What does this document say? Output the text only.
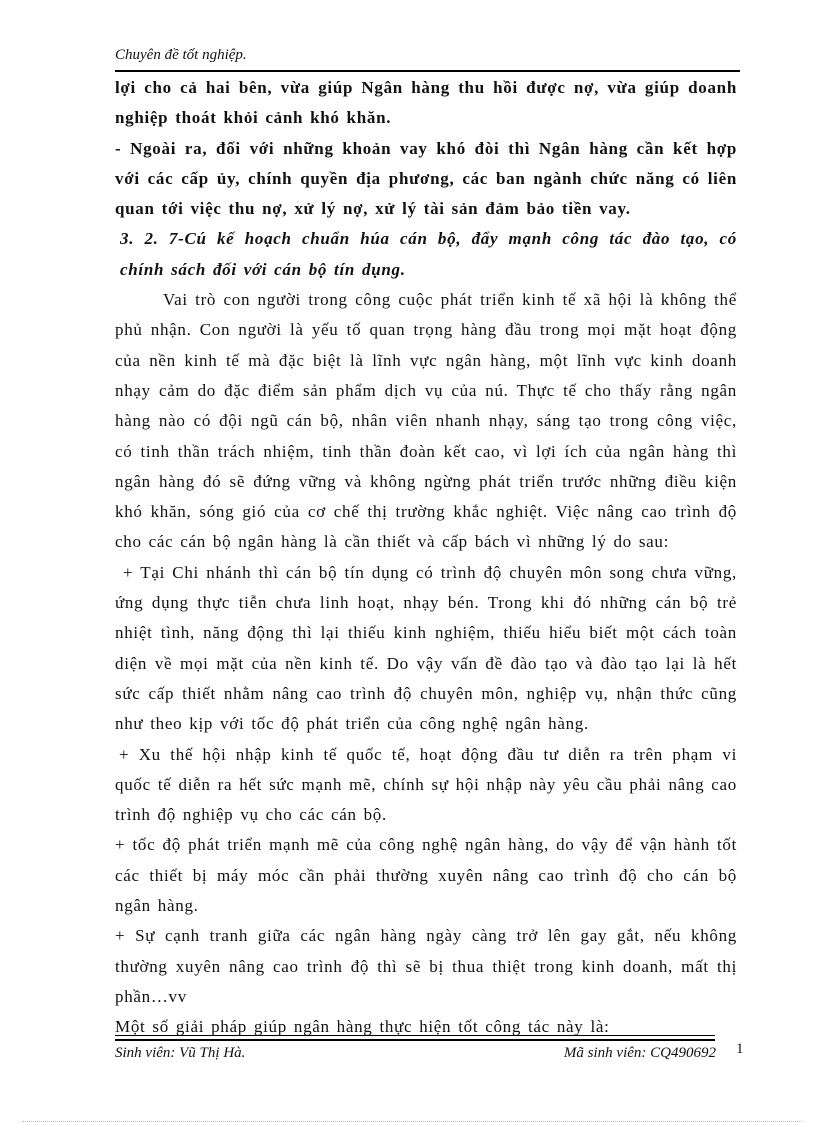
Chuyên đề tốt nghiệp.

lợi cho cả hai bên, vừa giúp Ngân hàng thu hồi được nợ, vừa giúp doanh nghiệp thoát khỏi cảnh khó khăn.

- Ngoài ra, đối với những khoản vay khó đòi thì Ngân hàng cần kết hợp với các cấp ủy, chính quyền địa phương, các ban ngành chức năng có liên quan tới việc thu nợ, xử lý nợ, xử lý tài sản đảm bảo tiền vay.

3. 2. 7-Cú kế hoạch chuẩn húa cán bộ, đẩy mạnh công tác đào tạo, có chính sách đối với cán bộ tín dụng.

Vai trò con người trong công cuộc phát triển kinh tế xã hội là không thể phủ nhận. Con người là yếu tố quan trọng hàng đầu trong mọi mặt hoạt động của nền kinh tế mà đặc biệt là lĩnh vực ngân hàng, một lĩnh vực kinh doanh nhạy cảm do đặc điểm sản phẩm dịch vụ của nú. Thực tế cho thấy rằng ngân hàng nào có đội ngũ cán bộ, nhân viên nhanh nhạy, sáng tạo trong công việc, có tinh thần trách nhiệm, tinh thần đoàn kết cao, vì lợi ích của ngân hàng thì ngân hàng đó sẽ đứng vững và không ngừng phát triển trước những điều kiện khó khăn, sóng gió của cơ chế thị trường khắc nghiệt. Việc nâng cao trình độ cho các cán bộ ngân hàng là cần thiết và cấp bách vì những lý do sau:

+ Tại Chi nhánh thì cán bộ tín dụng có trình độ chuyên môn song chưa vững, ứng dụng thực tiễn chưa linh hoạt, nhạy bén. Trong khi đó những cán bộ trẻ nhiệt tình, năng động thì lại thiếu kinh nghiệm, thiếu hiểu biết một cách toàn diện về mọi mặt của nền kinh tế. Do vậy vấn đề đào tạo và đào tạo lại là hết sức cấp thiết nhằm nâng cao trình độ chuyên môn, nghiệp vụ, nhận thức cũng như theo kịp với tốc độ phát triển của công nghệ ngân hàng.

+ Xu thế hội nhập kinh tế quốc tế, hoạt động đầu tư diễn ra trên phạm vi quốc tế diễn ra hết sức mạnh mẽ, chính sự hội nhập này yêu cầu phải nâng cao trình độ nghiệp vụ cho các cán bộ.

+ tốc độ phát triển mạnh mẽ của công nghệ ngân hàng, do vậy để vận hành tốt các thiết bị máy móc cần phải thường xuyên nâng cao trình độ cho cán bộ ngân hàng.

+ Sự cạnh tranh giữa các ngân hàng ngày càng trở lên gay gắt, nếu không thường xuyên nâng cao trình độ thì sẽ bị thua thiệt trong kinh doanh, mất thị phần…vv

Một số giải pháp giúp ngân hàng thực hiện tốt công tác này là:

Sinh viên: Vũ Thị Hà.	Mã sinh viên: CQ490692 1
